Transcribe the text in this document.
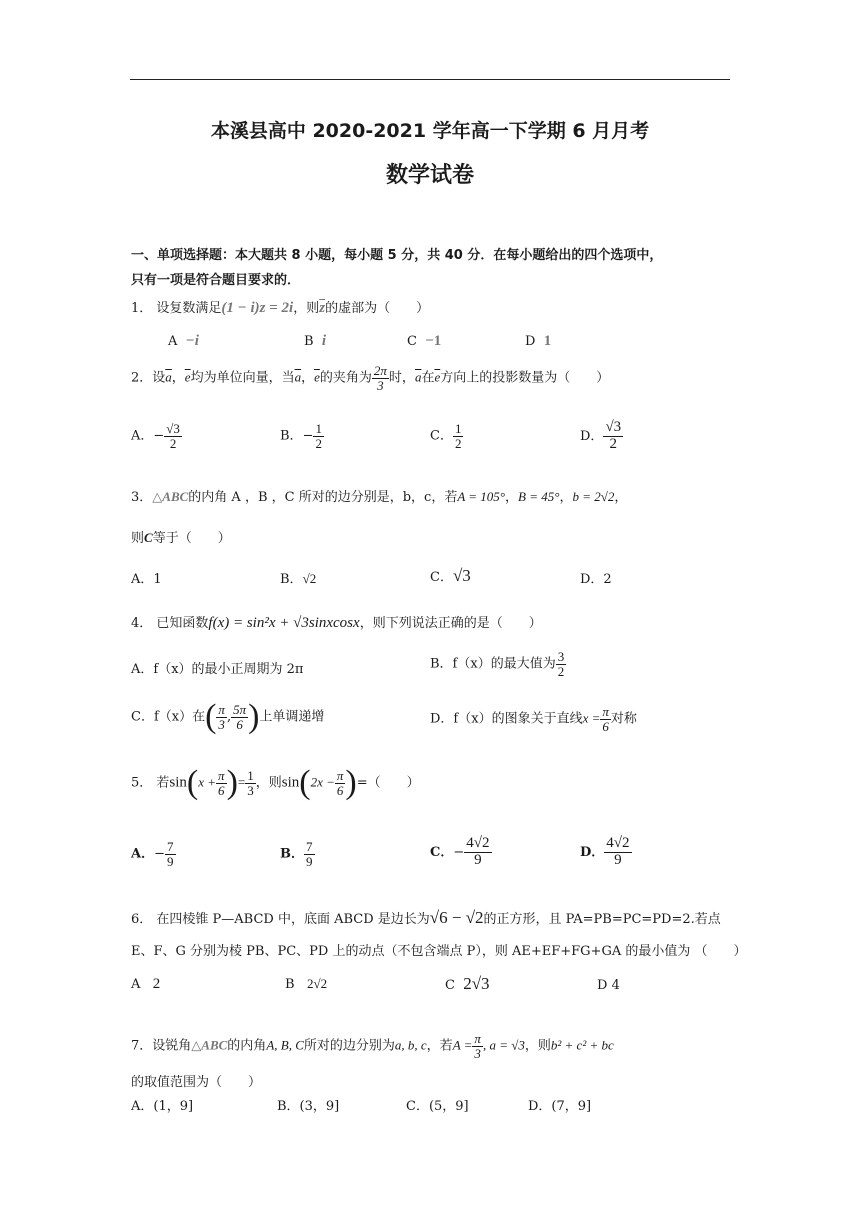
本溪县高中 2020-2021 学年高一下学期 6 月月考
数学试卷
一、单项选择题：本大题共 8 小题，每小题 5 分，共 40 分．在每小题给出的四个选项中，
只有一项是符合题目要求的．
1． 设复数满足(1 − i)z = 2i，则$\overline{z}$的虚部为（　　）
A −i	B i	C −1	D 1
2．设$\overline{a}$，$\overline{e}$均为单位向量，当$\overline{a}$，$\overline{e}$的夹角为 $\frac{2\pi}{3}$ 时，$\overline{a}$在$\overline{e}$方向上的投影数量为（　　）
A．− $\frac{√3}{2}$	B．− $\frac{1}{2}$	C． $\frac{1}{2}$	D． $\frac{√3}{2}$
3．△ABC的内角 A ，B ，C 所对的边分别是，b，c，若A = 105°，B = 45°，b = 2√2，
则C等于（　　）
A．1	B．√2	C．√3	D．2
4． 已知函数f(x) = sin²x + √3sinxcosx，则下列说法正确的是（　　）
A．f（x）的最小正周期为 2π	B．f（x）的最大值为 $\frac{3}{2}$
C．f（x）在( $\frac{\pi}{3}$ , $\frac{5\pi}{6}$ )上单调递增	D．f（x）的图象关于直线$x = \frac{\pi}{6}$ 对称
5． 若$\sin(x + \frac{\pi}{6}$ )= $\frac{1}{3}$ ，则$\sin(2x - \frac{\pi}{6}$ )=（　　）
A．− $\frac{7}{9}$	B． $\frac{7}{9}$	C．− $\frac{4√2}{9}$	D． $\frac{4√2}{9}$
6． 在四棱锥 P—ABCD 中，底面 ABCD 是边长为√6 − √2的正方形，且 PA=PB=PC=PD=2.若点
E、F、G 分别为棱 PB、PC、PD 上的动点（不包含端点 P），则 AE+EF+FG+GA 的最小值为 （　　）
A 2	B 2√2	C 2√3	D 4
7．设锐角△ABC的内角A, B, C所对的边分别为a, b, c，若$A = \frac{\pi}{3}$ , a = √3，则b² + c² + bc
的取值范围为（　　）
A．(1，9]	B．(3，9]	C．(5，9]	D．(7，9]
